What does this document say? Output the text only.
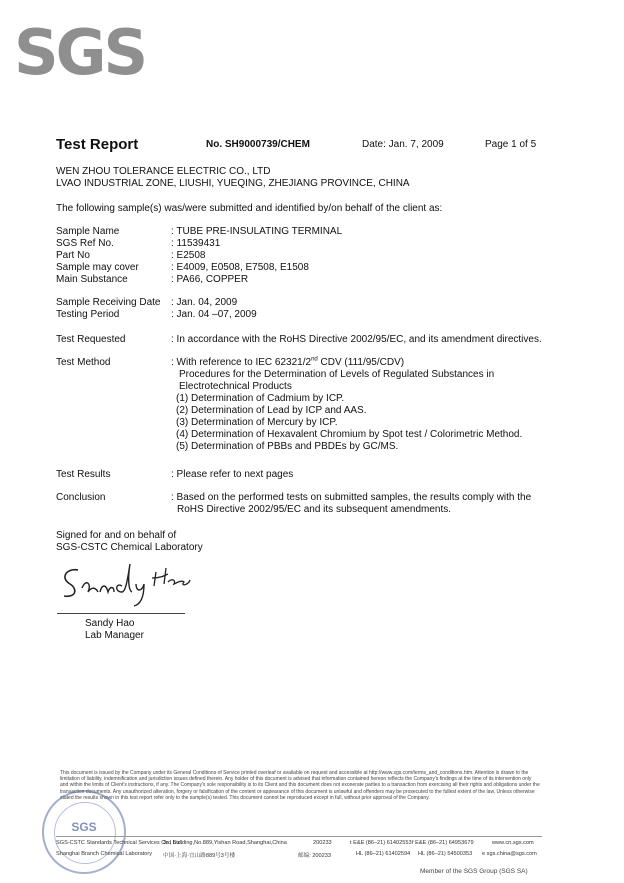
SGS
Test Report	No. SH9000739/CHEM	Date: Jan. 7, 2009	Page 1 of 5
WEN ZHOU TOLERANCE ELECTRIC CO., LTD
LVAO INDUSTRIAL ZONE, LIUSHI, YUEQING, ZHEJIANG PROVINCE, CHINA
The following sample(s) was/were submitted and identified by/on behalf of the client as:
Sample Name	: TUBE PRE-INSULATING TERMINAL
SGS Ref No.	: 11539431
Part No	: E2508
Sample may cover	: E4009, E0508, E7508, E1508
Main Substance	: PA66, COPPER
Sample Receiving Date : Jan. 04, 2009
Testing Period	: Jan. 04 –07, 2009
Test Requested	: In accordance with the RoHS Directive 2002/95/EC, and its amendment directives.
Test Method	: With reference to IEC 62321/2nd CDV (111/95/CDV)
Procedures for the Determination of Levels of Regulated Substances in
Electrotechnical Products
(1) Determination of Cadmium by ICP.
(2) Determination of Lead by ICP and AAS.
(3) Determination of Mercury by ICP.
(4) Determination of Hexavalent Chromium by Spot test / Colorimetric Method.
(5) Determination of PBBs and PBDEs by GC/MS.
Test Results	: Please refer to next pages
Conclusion	: Based on the performed tests on submitted samples, the results comply with the
RoHS Directive 2002/95/EC and its subsequent amendments.
Signed for and on behalf of
SGS-CSTC Chemical Laboratory
Sandy Hao
Lab Manager
This document is issued by the Company under its General Conditions of Service printed overleaf or available on request and accessible at http://www.sgs.com/terms_and_conditions.htm. Attention is drawn to the limitation of liability, indemnification and jurisdiction issues defined therein. Any holder of this document is advised that information contained hereon reflects the Company's findings at the time of its intervention only and within the limits of Client's instructions, if any. The Company's sole responsibility is to its Client and this document does not exonerate parties to a transaction from exercising all their rights and obligations under the transaction documents. Any unauthorized alteration, forgery or falsification of the content or appearance of this document is unlawful and offenders may be prosecuted to the fullest extent of the law. Unless otherwise stated the results shown in this test report refer only to the sample(s) tested. This document cannot be reproduced except in full, without prior approval of the Company.
SGS
SGS-CSTC Standards Technical Services Co., Ltd.
Shanghai Branch Chemical Laboratory
3rd Building,No.889,Yishan Road,Shanghai,China
中国·上海·宜山路889号3号楼
200233
邮编: 200233
t E&E (86–21) 61402553
HL (86–21) 61402594
f E&E (86–21) 64953679
HL (86–21) 54500353
www.cn.sgs.com
e sgs.china@sgs.com
Member of the SGS Group (SGS SA)
